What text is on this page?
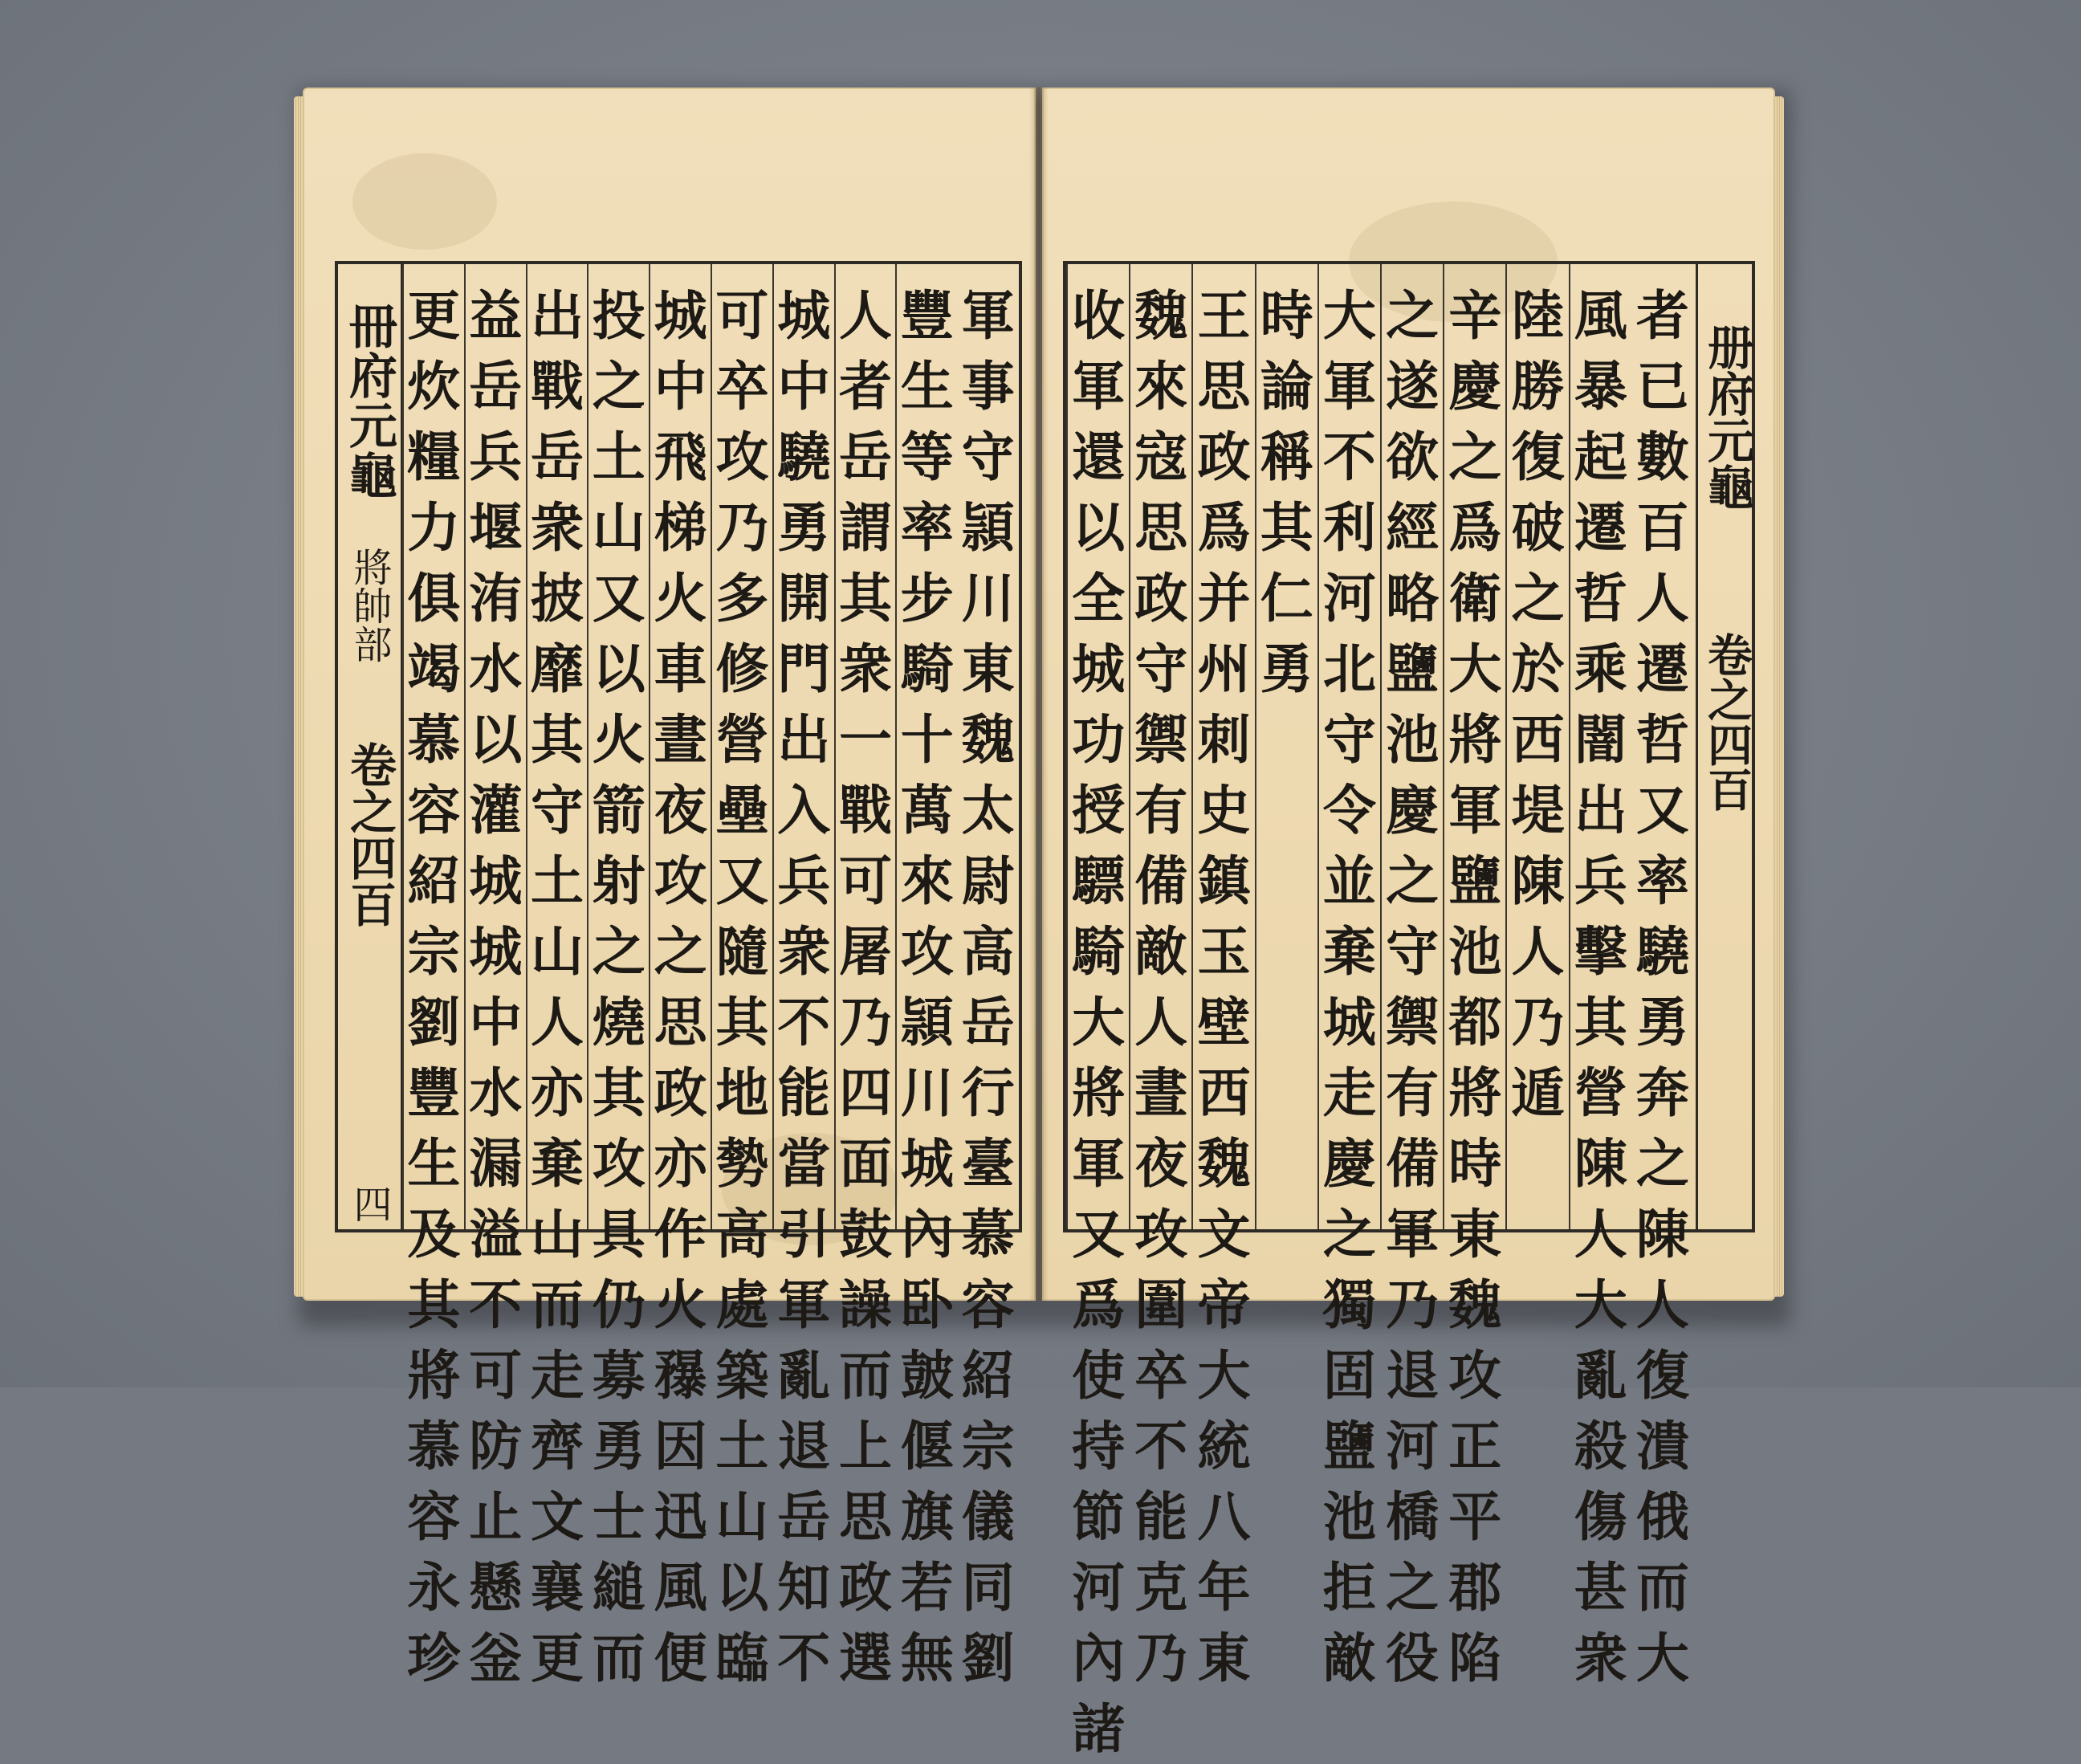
冊府元龜
將帥部
卷之四百
四
軍
事
守
頴
川
東
魏
太
尉
高
岳
行
臺
慕
容
紹
宗
儀
同
劉
豐
生
等
率
步
騎
十
萬
來
攻
頴
川
城
內
卧
皷
偃
旗
若
無
人
者
岳
謂
其
衆
一
戰
可
屠
乃
四
面
鼓
譟
而
上
思
政
選
城
中
驍
勇
開
門
出
入
兵
衆
不
能
當
引
軍
亂
退
岳
知
不
可
卒
攻
乃
多
修
營
壘
又
隨
其
地
勢
高
處
築
土
山
以
臨
城
中
飛
梯
火
車
晝
夜
攻
之
思
政
亦
作
火
䂍
因
迅
風
便
投
之
土
山
又
以
火
箭
射
之
燒
其
攻
具
仍
募
勇
士
縋
而
出
戰
岳
衆
披
靡
其
守
土
山
人
亦
棄
山
而
走
齊
文
襄
更
益
岳
兵
堰
洧
水
以
灌
城
城
中
水
漏
溢
不
可
防
止
懸
釡
更
炊
糧
力
俱
竭
慕
容
紹
宗
劉
豐
生
及
其
將
慕
容
永
珍
册府元龜
卷之四百
者
已
數
百
人
遷
哲
又
率
驍
勇
奔
之
陳
人
復
潰
俄
而
大
風
暴
起
遷
哲
乘
闇
出
兵
擊
其
營
陳
人
大
亂
殺
傷
甚
衆
陸
勝
復
破
之
於
西
堤
陳
人
乃
遁
辛
慶
之
爲
衛
大
將
軍
鹽
池
都
將
時
東
魏
攻
正
平
郡
陷
之
遂
欲
經
略
鹽
池
慶
之
守
禦
有
備
軍
乃
退
河
橋
之
役
大
軍
不
利
河
北
守
令
並
棄
城
走
慶
之
獨
固
鹽
池
拒
敵
時
論
稱
其
仁
勇
王
思
政
爲
并
州
刺
史
鎮
玉
壁
西
魏
文
帝
大
統
八
年
東
魏
來
寇
思
政
守
禦
有
備
敵
人
晝
夜
攻
圍
卒
不
能
克
乃
收
軍
還
以
全
城
功
授
驃
騎
大
將
軍
又
爲
使
持
節
河
內
諸
